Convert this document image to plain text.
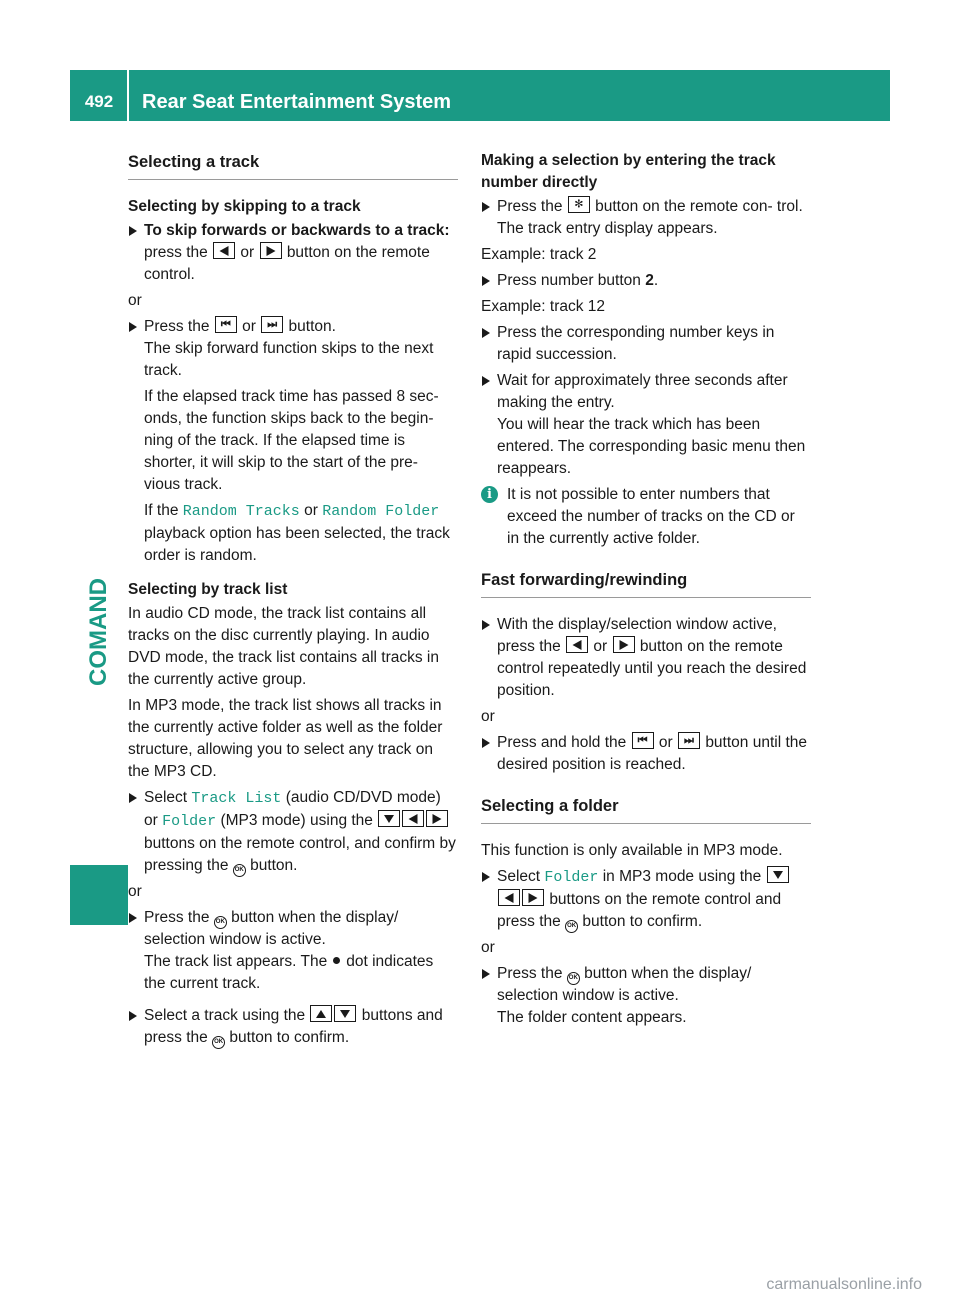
492	Rear Seat Entertainment System
COMAND
Selecting a track
Selecting by skipping to a track
To skip forwards or backwards to a track: press the or button on the remote control.

or

Press the ⏮ or ⏭ button.
The skip forward function skips to the next track.
If the elapsed track time has passed 8 sec- onds, the function skips back to the begin- ning of the track. If the elapsed time is shorter, it will skip to the start of the pre- vious track.
If the Random Tracks or Random Folder playback option has been selected, the track order is random.
Selecting by track list

In audio CD mode, the track list contains all tracks on the disc currently playing. In audio DVD mode, the track list contains all tracks in the currently active group.

In MP3 mode, the track list shows all tracks in the currently active folder as well as the folder structure, allowing you to select any track on the MP3 CD.

Select Track List (audio CD/DVD mode) or Folder (MP3 mode) using the  buttons on the remote control, and confirm by pressing the OK button.

or

Press the OK button when the display/ selection window is active.
The track list appears. The dot indicates the current track.
Select a track using the	buttons and press the OK button to confirm.
Making a selection by entering the track number directly
Press the ✻ button on the remote con- trol.
The track entry display appears.

Example: track 2

Press number button 2.

Example: track 12

Press the corresponding number keys in rapid succession.
Wait for approximately three seconds after making the entry.
You will hear the track which has been entered. The corresponding basic menu then reappears.
i It is not possible to enter numbers that exceed the number of tracks on the CD or in the currently active folder.
Fast forwarding/rewinding
With the display/selection window active, press the or button on the remote control repeatedly until you reach the desired position.

or

Press and hold the ⏮ or ⏭ button until the desired position is reached.
Selecting a folder

This function is only available in MP3 mode.

Select Folder in MP3 mode using the  buttons on the remote control and press the OK button to confirm.

or

Press the OK button when the display/ selection window is active.
The folder content appears.
carmanualsonline.info
